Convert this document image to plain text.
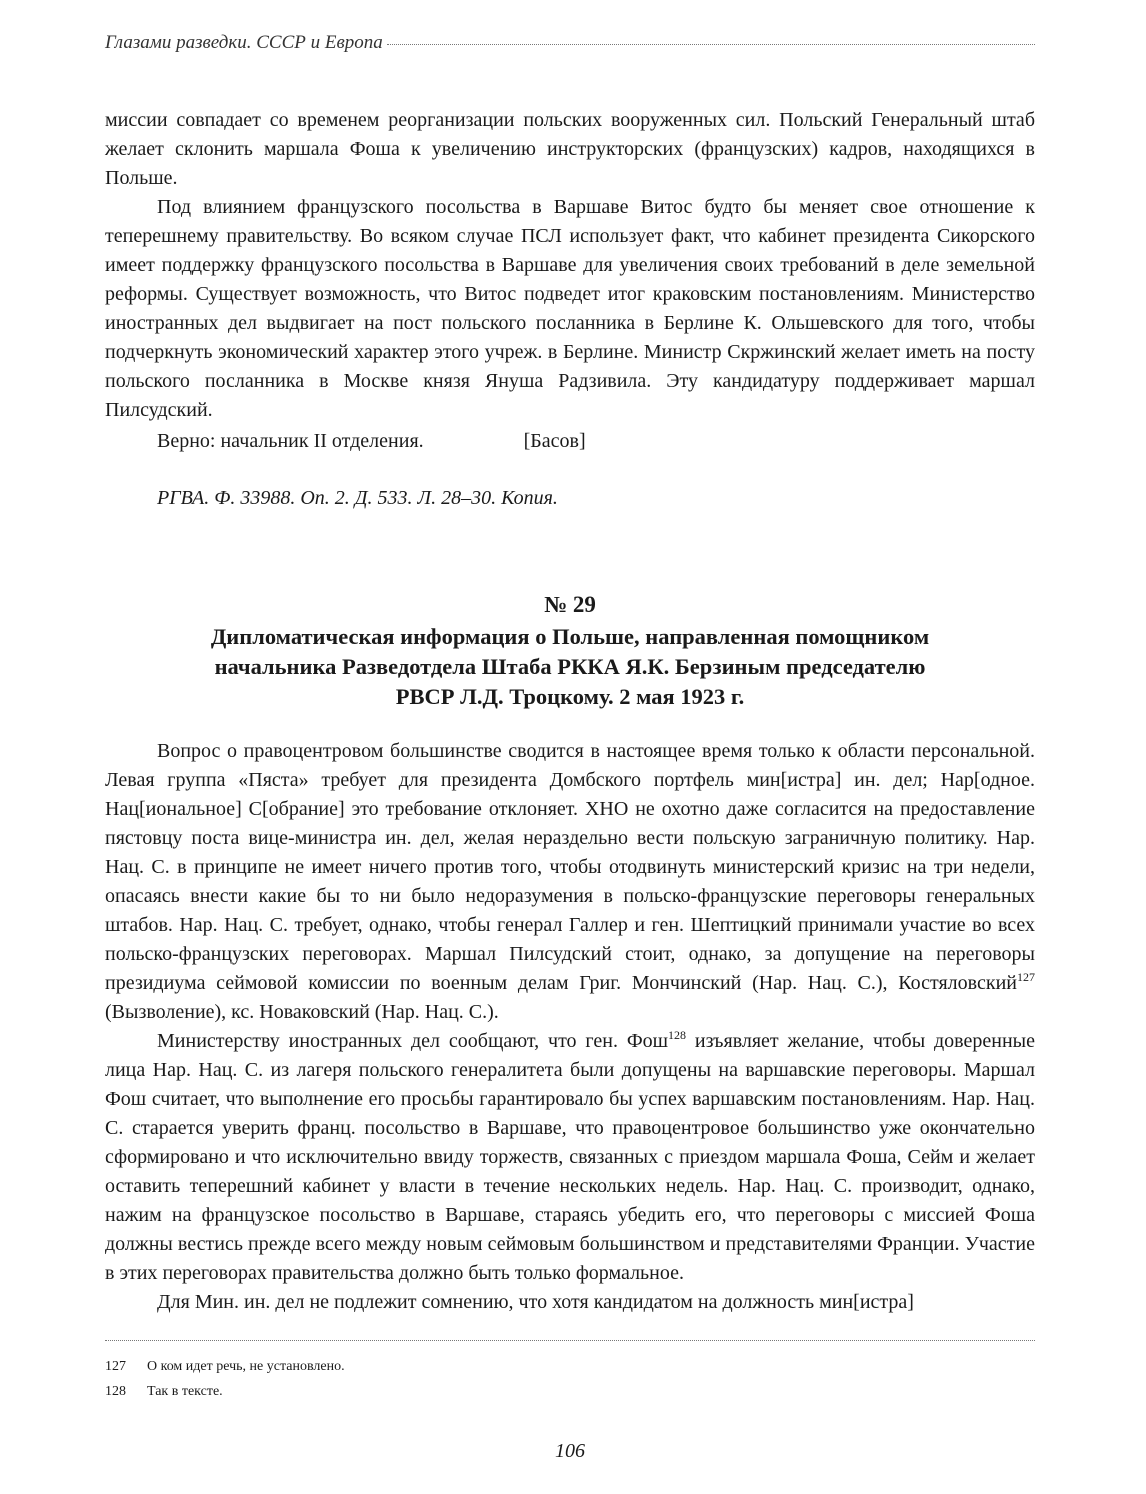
Глазами разведки. СССР и Европа

миссии совпадает со временем реорганизации польских вооруженных сил. Польский Генеральный штаб желает склонить маршала Фоша к увеличению инструкторских (французских) кадров, находящихся в Польше.

Под влиянием французского посольства в Варшаве Витос будто бы меняет свое отношение к теперешнему правительству. Во всяком случае ПСЛ использует факт, что кабинет президента Сикорского имеет поддержку французского посольства в Варшаве для увеличения своих требований в деле земельной реформы. Существует возможность, что Витос подведет итог краковским постановлениям. Министерство иностранных дел выдвигает на пост польского посланника в Берлине К. Ольшевского для того, чтобы подчеркнуть экономический характер этого учреж. в Берлине. Министр Скржинский желает иметь на посту польского посланника в Москве князя Януша Радзивила. Эту кандидатуру поддерживает маршал Пилсудский.

Верно: начальник II отделения.	[Басов]
РГВА. Ф. 33988. Оп. 2. Д. 533. Л. 28–30. Копия.
№ 29
Дипломатическая информация о Польше, направленная помощником
начальника Разведотдела Штаба РККА Я.К. Берзиным председателю
РВСР Л.Д. Троцкому. 2 мая 1923 г.

Вопрос о правоцентровом большинстве сводится в настоящее время только к области персональной. Левая группа «Пяста» требует для президента Домбского портфель мин[истра] ин. дел; Нар[одное. Нац[иональное] С[обрание] это требование отклоняет. ХНО не охотно даже согласится на предоставление пястовцу поста вице-министра ин. дел, желая нераздельно вести польскую заграничную политику. Нар. Нац. С. в принципе не имеет ничего против того, чтобы отодвинуть министерский кризис на три недели, опасаясь внести какие бы то ни было недоразумения в польско-французские переговоры генеральных штабов. Нар. Нац. С. требует, однако, чтобы генерал Галлер и ген. Шептицкий принимали участие во всех польско-французских переговорах. Маршал Пилсудский стоит, однако, за допущение на переговоры президиума сеймовой комиссии по военным делам Григ. Мончинский (Нар. Нац. С.), Костяловский$^{127}$ (Вызволение), кс. Новаковский (Нар. Нац. С.).

Министерству иностранных дел сообщают, что ген. Фош$^{128}$ изъявляет желание, чтобы доверенные лица Нар. Нац. С. из лагеря польского генералитета были допущены на варшавские переговоры. Маршал Фош считает, что выполнение его просьбы гарантировало бы успех варшавским постановлениям. Нар. Нац. С. старается уверить франц. посольство в Варшаве, что правоцентровое большинство уже окончательно сформировано и что исключительно ввиду торжеств, связанных с приездом маршала Фоша, Сейм и желает оставить теперешний кабинет у власти в течение нескольких недель. Нар. Нац. С. производит, однако, нажим на французское посольство в Варшаве, стараясь убедить его, что переговоры с миссией Фоша должны вестись прежде всего между новым сеймовым большинством и представителями Франции. Участие в этих переговорах правительства должно быть только формальное.

Для Мин. ин. дел не подлежит сомнению, что хотя кандидатом на должность мин[истра]

127	О ком идет речь, не установлено.
128	Так в тексте.
106
